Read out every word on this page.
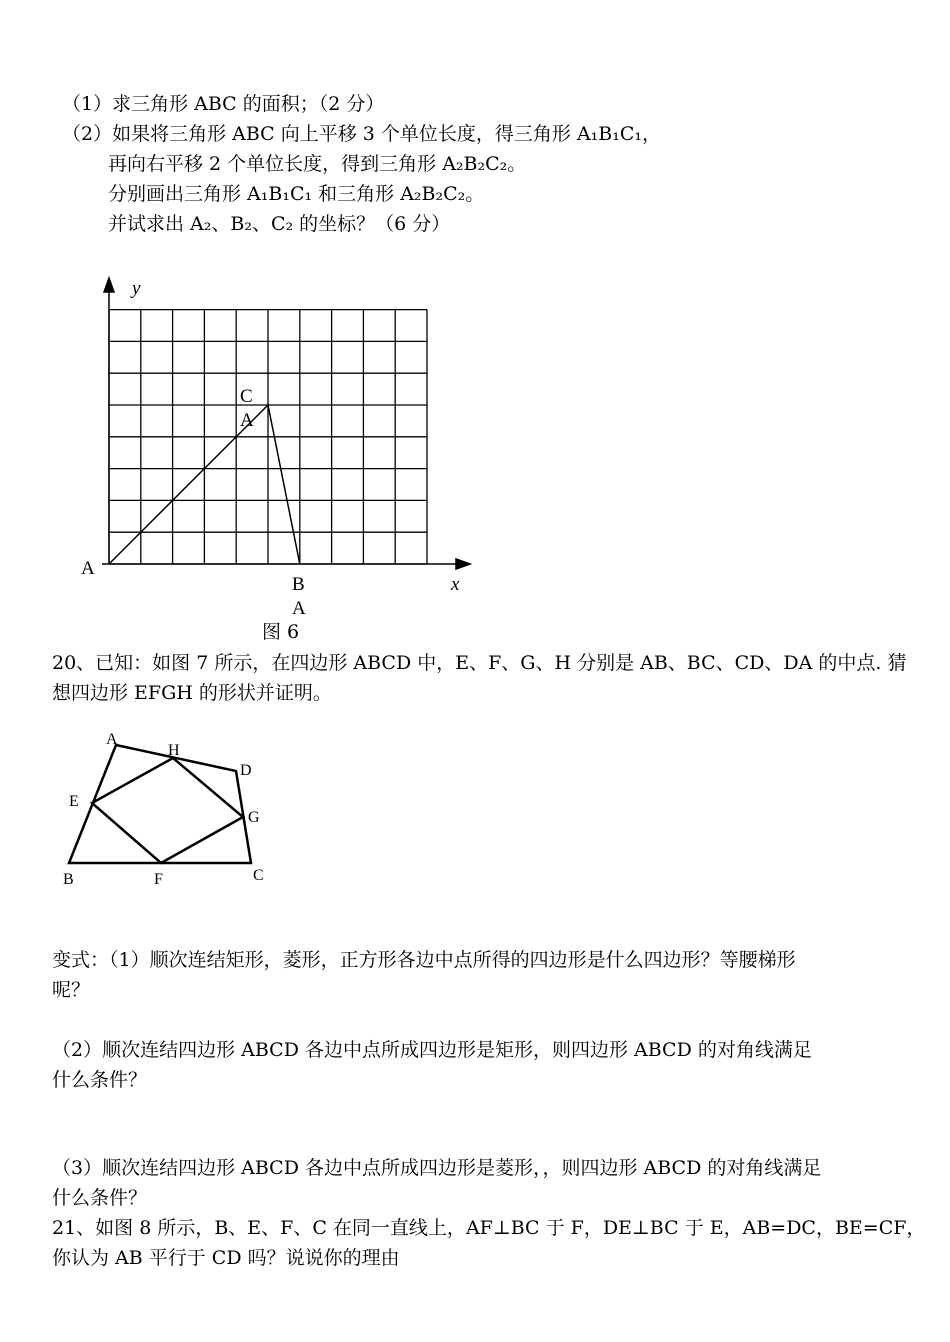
（1）求三角形 ABC 的面积；（2 分）
（2）如果将三角形 ABC 向上平移 3 个单位长度，得三角形 A₁B₁C₁，
再向右平移 2 个单位长度，得到三角形 A₂B₂C₂。
分别画出三角形 A₁B₁C₁ 和三角形 A₂B₂C₂。
并试求出 A₂、B₂、C₂ 的坐标？（6 分）
y
x
C
A
A
B
A
图 6
20、已知：如图 7 所示，在四边形 ABCD 中，E、F、G、H 分别是 AB、BC、CD、DA 的中点. 猜
想四边形 EFGH 的形状并证明。
A
H
D
E
G
B	F	C
变式：（1）顺次连结矩形，菱形，正方形各边中点所得的四边形是什么四边形？等腰梯形
呢？
（2）顺次连结四边形 ABCD 各边中点所成四边形是矩形，则四边形 ABCD 的对角线满足
什么条件？
（3）顺次连结四边形 ABCD 各边中点所成四边形是菱形，，则四边形 ABCD 的对角线满足
什么条件？
21、如图 8 所示，B、E、F、C 在同一直线上，AF⊥BC 于 F，DE⊥BC 于 E，AB=DC，BE=CF，
你认为 AB 平行于 CD 吗？说说你的理由
